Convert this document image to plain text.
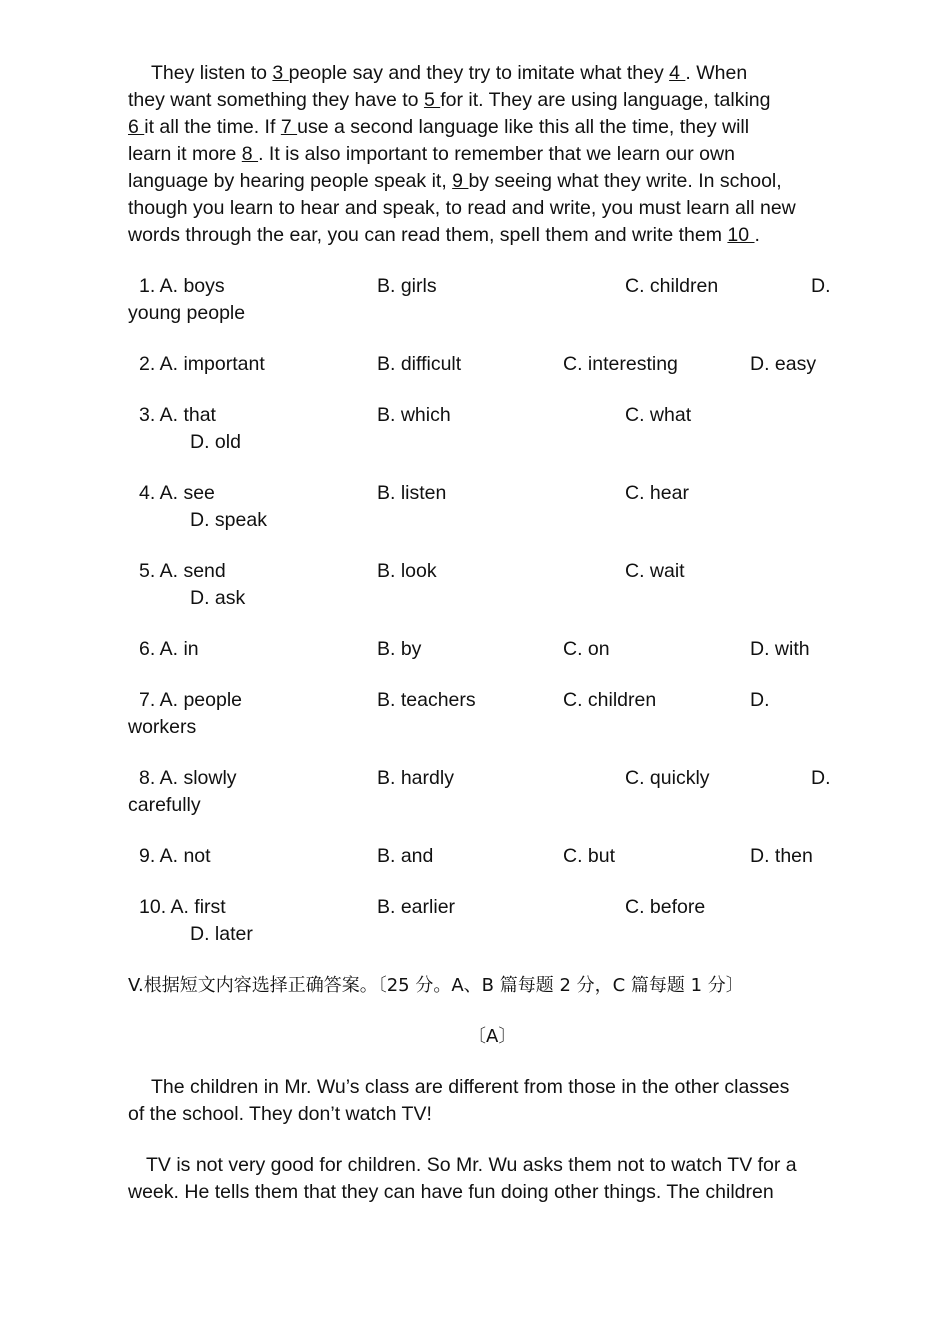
They listen to 3 people say and they try to imitate what they 4 . When
they want something they have to 5 for it. They are using language, talking
6 it all the time. If 7 use a second language like this all the time, they will
learn it more 8 . It is also important to remember that we learn our own
language by hearing people speak it, 9 by seeing what they write. In school,
though you learn to hear and speak, to read and write, you must learn all new
words through the ear, you can read them, spell them and write them 10 .
1. A. boys	B. girls	C. children	D.
young people
2. A. important	B. difficult	C. interesting	D. easy
3. A. that	B. which	C. what
D. old
4. A. see	B. listen	C. hear
D. speak
5. A. send	B. look	C. wait
D. ask
6. A. in	B. by	C. on	D. with
7. A. people	B. teachers	C. children	D.
workers
8. A. slowly	B. hardly	C. quickly	D.
carefully
9. A. not	B. and	C. but	D. then
10. A. first	B. earlier	C. before
D. later
V.根据短文内容选择正确答案。〔25 分。A、B 篇每题 2 分，C 篇每题 1 分〕
〔A〕
The children in Mr. Wu’s class are different from those in the other classes
of the school. They don’t watch TV!
TV is not very good for children. So Mr. Wu asks them not to watch TV for a
week. He tells them that they can have fun doing other things. The children
